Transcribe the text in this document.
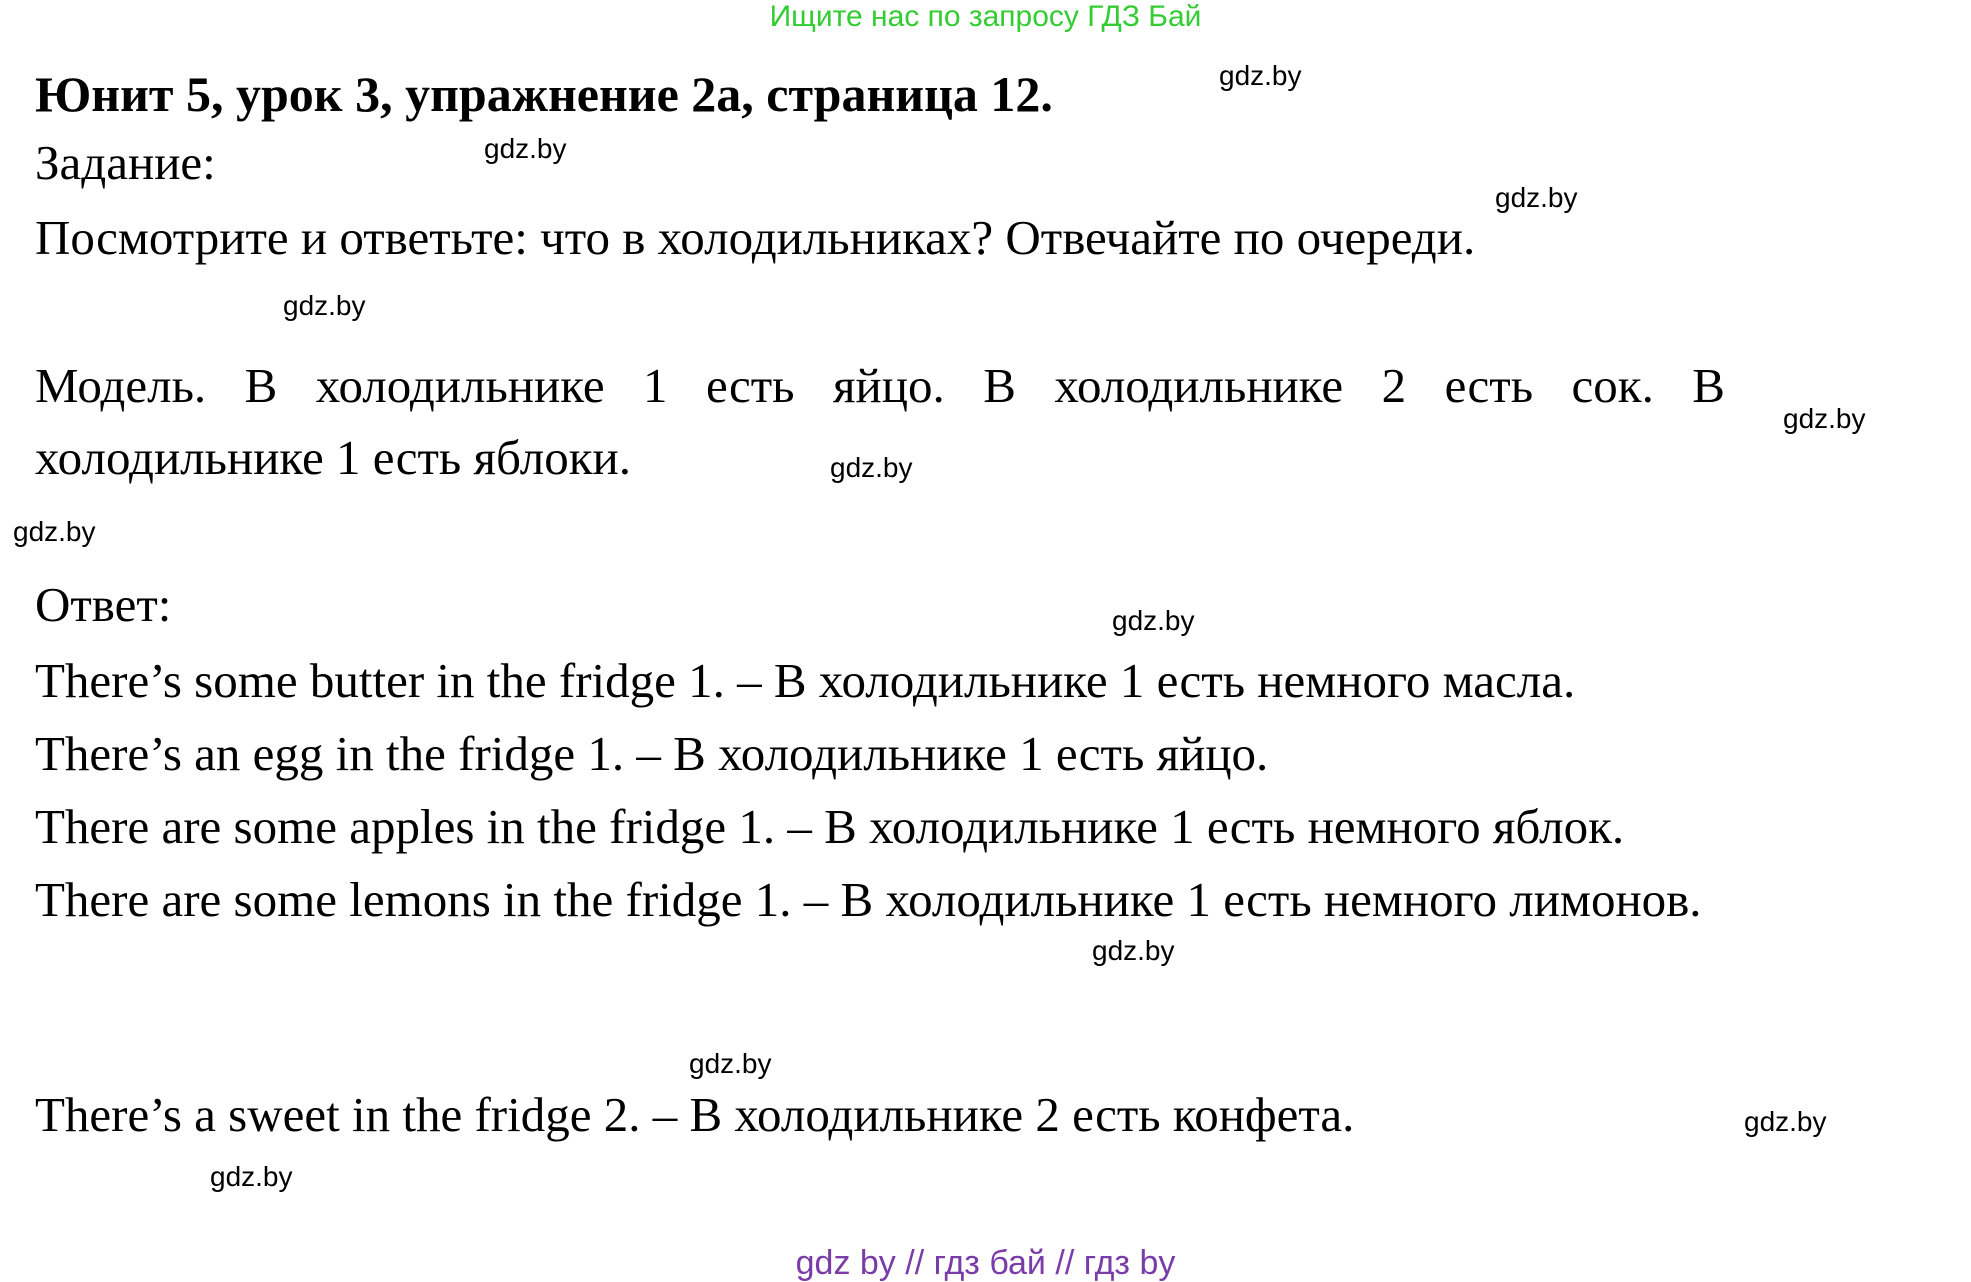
Ищите нас по запросу ГДЗ Бай
Юнит 5, урок 3, упражнение 2а, страница 12.
Задание:
Посмотрите и ответьте: что в холодильниках? Отвечайте по очереди.
Модель. В холодильнике 1 есть яйцо. В холодильнике 2 есть сок. В холодильнике 1 есть яблоки.
Ответ:
There’s some butter in the fridge 1. – В холодильнике 1 есть немного масла.
There’s an egg in the fridge 1. – В холодильнике 1 есть яйцо.
There are some apples in the fridge 1. – В холодильнике 1 есть немного яблок.
There are some lemons in the fridge 1. – В холодильнике 1 есть немного лимонов.
There’s a sweet in the fridge 2. – В холодильнике 2 есть конфета.
gdz.by
gdz.by
gdz.by
gdz.by
gdz.by
gdz.by
gdz.by
gdz.by
gdz.by
gdz.by
gdz.by
gdz.by
gdz by // гдз бай // гдз by
